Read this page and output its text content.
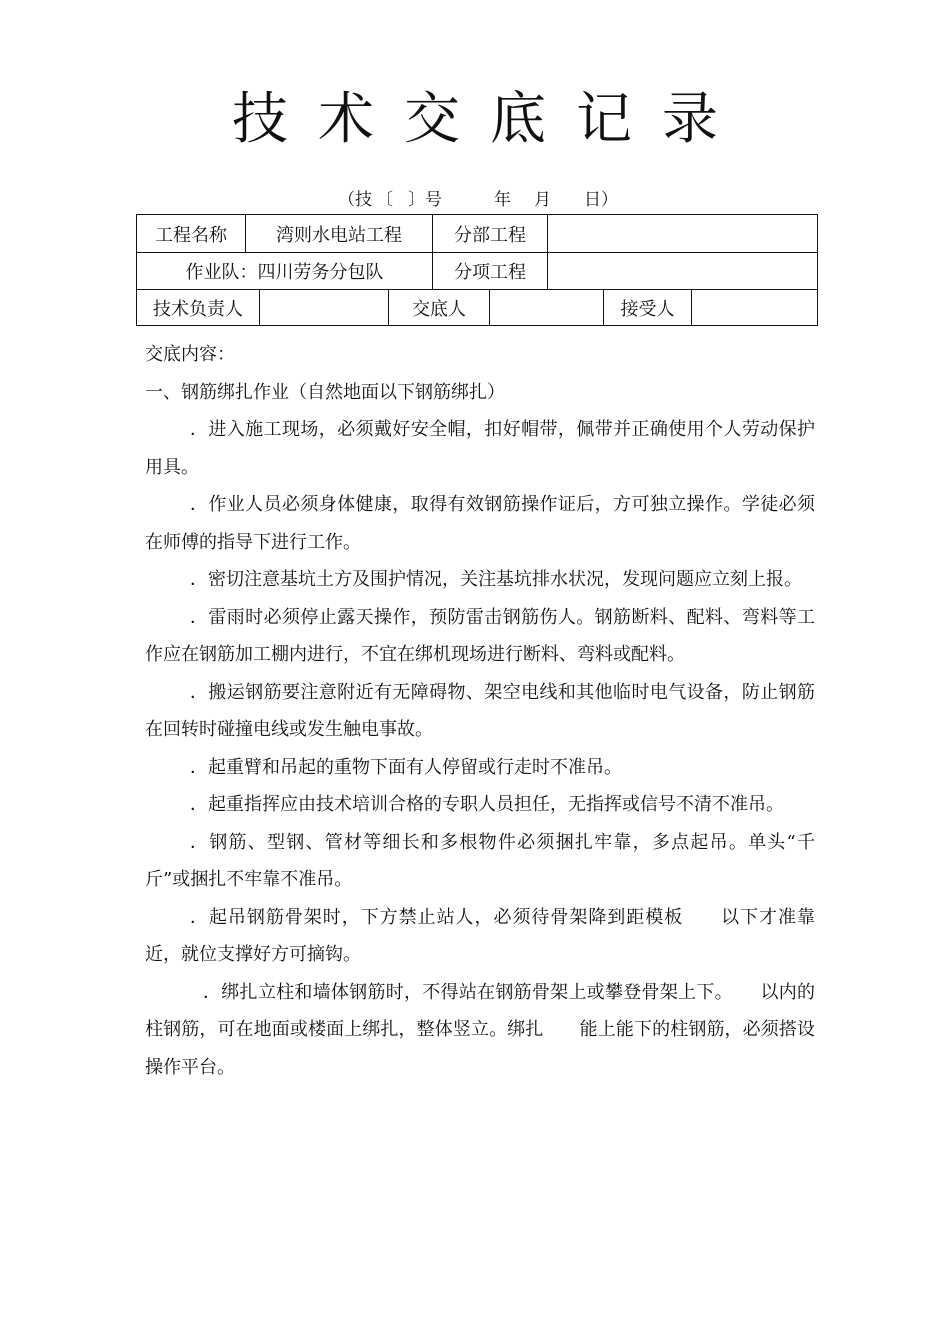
技术交底记录
（技 〔 〕号	年 月 日）
工程名称	湾则水电站工程	分部工程
作业队：四川劳务分包队	分项工程
技术负责人	交底人	接受人

交底内容：

一、钢筋绑扎作业（自然地面以下钢筋绑扎）

．进入施工现场，必须戴好安全帽，扣好帽带，佩带并正确使用个人劳动保护用具。

．作业人员必须身体健康，取得有效钢筋操作证后，方可独立操作。学徒必须在师傅的指导下进行工作。

．密切注意基坑土方及围护情况，关注基坑排水状况，发现问题应立刻上报。

．雷雨时必须停止露天操作，预防雷击钢筋伤人。钢筋断料、配料、弯料等工作应在钢筋加工棚内进行，不宜在绑机现场进行断料、弯料或配料。

．搬运钢筋要注意附近有无障碍物、架空电线和其他临时电气设备，防止钢筋在回转时碰撞电线或发生触电事故。

．起重臂和吊起的重物下面有人停留或行走时不准吊。

．起重指挥应由技术培训合格的专职人员担任，无指挥或信号不清不准吊。

．钢筋、型钢、管材等细长和多根物件必须捆扎牢靠，多点起吊。单头“千斤”或捆扎不牢靠不准吊。

．起吊钢筋骨架时，下方禁止站人，必须待骨架降到距模板　　以下才准靠近，就位支撑好方可摘钩。

．绑扎立柱和墙体钢筋时，不得站在钢筋骨架上或攀登骨架上下。　　以内的柱钢筋，可在地面或楼面上绑扎，整体竖立。绑扎　　能上能下的柱钢筋，必须搭设操作平台。
